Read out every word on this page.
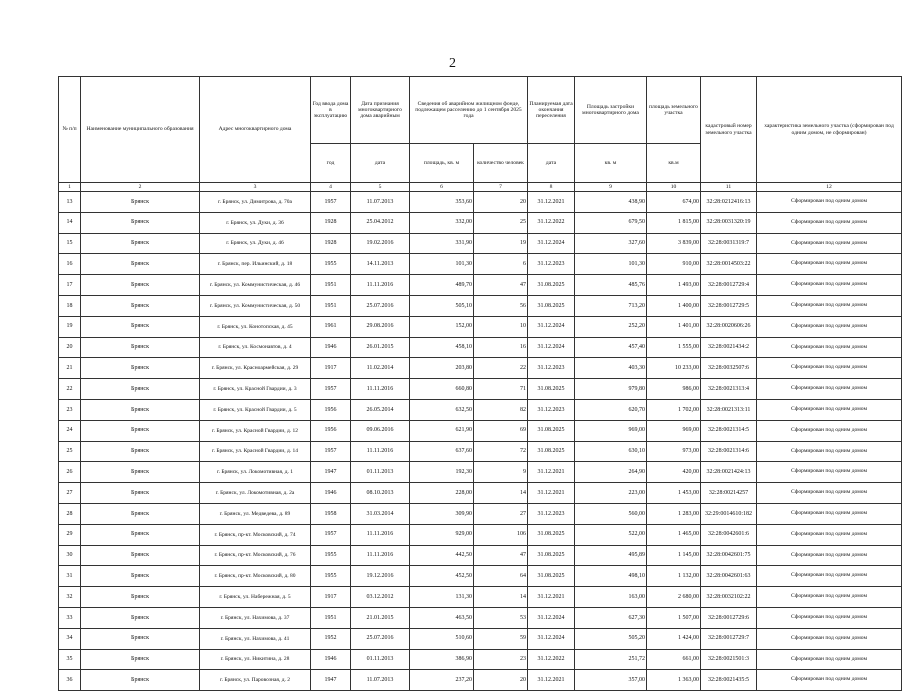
2
№ п/п	Наименование муниципального образования	Адрес многоквартирного дома	Год ввода дома в эксплуатацию	Дата признания многоквартирного дома аварийным	Сведения об аварийном жилищном фонде, подлежащем расселению до 1 сентября 2025 года		Планируемая дата окончания переселения	Площадь застройки многоквартирного дома	площадь земельного участка	кадастровый номер земельного участка	характеристика земельного участка (сформирован под одним домом, не сформирован)
			год	дата	площадь, кв. м	количество человек	дата	кв. м	кв.м		
1	2	3	4	5	6	7	8	9	10	11	12
13	Брянск	г. Брянск, ул. Димитрова, д. 70а	1957	11.07.2013	353,60	20	31.12.2021	438,90	674,00	32:28:0212416:13	Сформирован под одним домом
14	Брянск	г. Брянск, ул. Дуки, д. 36	1928	25.04.2012	332,00	25	31.12.2022	679,50	1 815,00	32:28:0031320:19	Сформирован под одним домом
15	Брянск	г. Брянск, ул. Дуки, д. 46	1928	19.02.2016	331,90	19	31.12.2024	327,60	3 839,00	32:28:0031319:7	Сформирован под одним домом
16	Брянск	г. Брянск, пер. Ильинский, д. 18	1955	14.11.2013	101,30	6	31.12.2023	101,30	910,00	32:28:0014503:22	Сформирован под одним домом
17	Брянск	г. Брянск, ул. Коммунистическая, д. 46	1951	11.11.2016	489,70	47	31.08.2025	485,76	1 493,00	32:28:0012729:4	Сформирован под одним домом
18	Брянск	г. Брянск, ул. Коммунистическая, д. 50	1951	25.07.2016	505,10	56	31.08.2025	713,20	1 400,00	32:28:0012729:5	Сформирован под одним домом
19	Брянск	г. Брянск, ул. Конотопская, д. 45	1961	29.08.2016	152,00	10	31.12.2024	252,20	1 401,00	32:28:0020606:26	Сформирован под одним домом
20	Брянск	г. Брянск, ул. Космонавтов, д. 4	1946	26.01.2015	458,10	16	31.12.2024	457,40	1 555,00	32:28:0021434:2	Сформирован под одним домом
21	Брянск	г. Брянск, ул. Красноармейская, д. 29	1917	11.02.2014	203,80	22	31.12.2023	403,30	10 233,00	32:28:0032507:6	Сформирован под одним домом
22	Брянск	г. Брянск, ул. Красной Гвардии, д. 3	1957	11.11.2016	660,80	71	31.08.2025	979,80	986,00	32:28:0021313:4	Сформирован под одним домом
23	Брянск	г. Брянск, ул. Красной Гвардии, д. 5	1956	26.05.2014	632,50	82	31.12.2023	620,70	1 702,00	32:28:0021313:11	Сформирован под одним домом
24	Брянск	г. Брянск, ул. Красной Гвардии, д. 12	1956	09.06.2016	621,90	69	31.08.2025	969,00	969,00	32:28:0021314:5	Сформирован под одним домом
25	Брянск	г. Брянск, ул. Красной Гвардии, д. 14	1957	11.11.2016	637,60	72	31.08.2025	630,10	973,00	32:28:0021314:6	Сформирован под одним домом
26	Брянск	г. Брянск, ул. Локомотивная, д. 1	1947	01.11.2013	192,30	9	31.12.2021	264,90	420,00	32:28:0021424:13	Сформирован под одним домом
27	Брянск	г. Брянск, ул. Локомотивная, д. 2а	1946	08.10.2013	228,00	14	31.12.2021	223,00	1 453,00	32:28:00214257	Сформирован под одним домом
28	Брянск	г. Брянск, ул. Медведева, д. 89	1958	31.03.2014	309,90	27	31.12.2023	560,00	1 283,00	32:29:0014610:182	Сформирован под одним домом
29	Брянск	г. Брянск, пр-кт. Московский, д. 74	1957	11.11.2016	929,00	106	31.08.2025	522,00	1 465,00	32:28:0042601:6	Сформирован под одним домом
30	Брянск	г. Брянск, пр-кт. Московский, д. 76	1955	11.11.2016	442,50	47	31.08.2025	495,89	1 145,00	32:28:0042601:75	Сформирован под одним домом
31	Брянск	г. Брянск, пр-кт. Московский, д. 80	1955	19.12.2016	452,50	64	31.08.2025	498,10	1 132,00	32:28:0042601:63	Сформирован под одним домом
32	Брянск	г. Брянск, ул. Набережная, д. 5	1917	03.12.2012	131,30	14	31.12.2021	163,00	2 680,00	32:28:0032102:22	Сформирован под одним домом
33	Брянск	г. Брянск, ул. Нахимова, д. 37	1951	21.01.2015	463,50	53	31.12.2024	627,30	1 507,00	32:28:0012729:6	Сформирован под одним домом
34	Брянск	г. Брянск, ул. Нахимова, д. 41	1952	25.07.2016	510,60	59	31.12.2024	505,20	1 424,00	32:28:0012729:7	Сформирован под одним домом
35	Брянск	г. Брянск, ул. Никитина, д. 28	1946	01.11.2013	386,90	23	31.12.2022	251,72	661,00	32:28:0021501:3	Сформирован под одним домом
36	Брянск	г. Брянск, ул. Паровозная, д. 2	1947	11.07.2013	237,20	20	31.12.2021	357,00	1 363,00	32:28:0021435:5	Сформирован под одним домом
